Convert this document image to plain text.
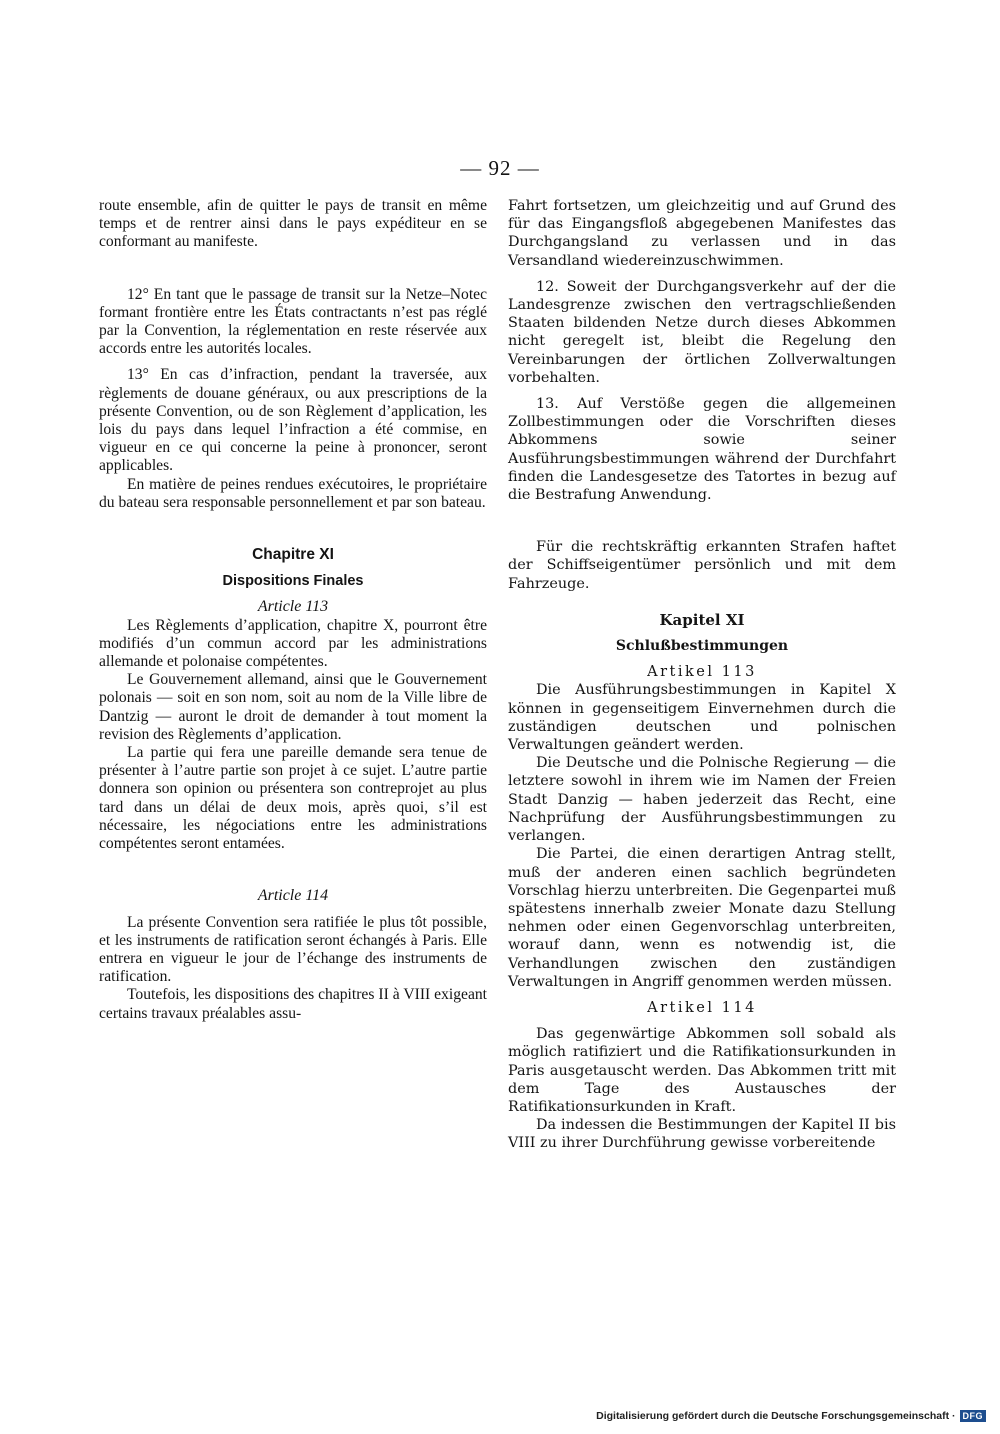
— 92 —

route ensemble, afin de quitter le pays de transit en même temps et de rentrer ainsi dans le pays expéditeur en se conformant au manifeste.

12° En tant que le passage de transit sur la Netze–Notec formant frontière entre les États contractants n’est pas réglé par la Convention, la réglementation en reste réservée aux accords entre les autorités locales.

13° En cas d’infraction, pendant la traversée, aux règlements de douane généraux, ou aux prescriptions de la présente Convention, ou de son Règlement d’application, les lois du pays dans lequel l’infraction a été commise, en vigueur en ce qui concerne la peine à prononcer, seront applicables.

En matière de peines rendues exécutoires, le propriétaire du bateau sera responsable personnellement et par son bateau.

Chapitre XI

Dispositions Finales

Article 113

Les Règlements d’application, chapitre X, pourront être modifiés d’un commun accord par les administrations allemande et polonaise compétentes.

Le Gouvernement allemand, ainsi que le Gouvernement polonais — soit en son nom, soit au nom de la Ville libre de Dantzig — auront le droit de demander à tout moment la revision des Règlements d’application.

La partie qui fera une pareille demande sera tenue de présenter à l’autre partie son projet à ce sujet. L’autre partie donnera son opinion ou présentera son contreprojet au plus tard dans un délai de deux mois, après quoi, s’il est nécessaire, les négociations entre les administrations compétentes seront entamées.

Article 114

La présente Convention sera ratifiée le plus tôt possible, et les instruments de ratification seront échangés à Paris. Elle entrera en vigueur le jour de l’échange des instruments de ratification.

Toutefois, les dispositions des chapitres II à VIII exigeant certains travaux préalables assu-

Fahrt fortsetzen, um gleichzeitig und auf Grund des für das Eingangsfloß abgegebenen Manifestes das Durchgangsland zu verlassen und in das Versandland wiedereinzuschwimmen.

12. Soweit der Durchgangsverkehr auf der die Landesgrenze zwischen den vertragschließenden Staaten bildenden Netze durch dieses Abkommen nicht geregelt ist, bleibt die Regelung den Vereinbarungen der örtlichen Zollverwaltungen vorbehalten.

13. Auf Verstöße gegen die allgemeinen Zollbestimmungen oder die Vorschriften dieses Abkommens sowie seiner Ausführungsbestimmungen während der Durchfahrt finden die Landesgesetze des Tatortes in bezug auf die Bestrafung Anwendung.

Für die rechtskräftig erkannten Strafen haftet der Schiffseigentümer persönlich und mit dem Fahrzeuge.

Kapitel XI

Schlußbestimmungen

Artikel 113

Die Ausführungsbestimmungen in Kapitel X können in gegenseitigem Einvernehmen durch die zuständigen deutschen und polnischen Verwaltungen geändert werden.

Die Deutsche und die Polnische Regierung — die letztere sowohl in ihrem wie im Namen der Freien Stadt Danzig — haben jederzeit das Recht, eine Nachprüfung der Ausführungsbestimmungen zu verlangen.

Die Partei, die einen derartigen Antrag stellt, muß der anderen einen sachlich begründeten Vorschlag hierzu unterbreiten. Die Gegenpartei muß spätestens innerhalb zweier Monate dazu Stellung nehmen oder einen Gegenvorschlag unterbreiten, worauf dann, wenn es notwendig ist, die Verhandlungen zwischen den zuständigen Verwaltungen in Angriff genommen werden müssen.

Artikel 114

Das gegenwärtige Abkommen soll sobald als möglich ratifiziert und die Ratifikationsurkunden in Paris ausgetauscht werden. Das Abkommen tritt mit dem Tage des Austausches der Ratifikationsurkunden in Kraft.

Da indessen die Bestimmungen der Kapitel II bis VIII zu ihrer Durchführung gewisse vorbereitende

Digitalisierung gefördert durch die Deutsche Forschungsgemeinschaft · DFG
